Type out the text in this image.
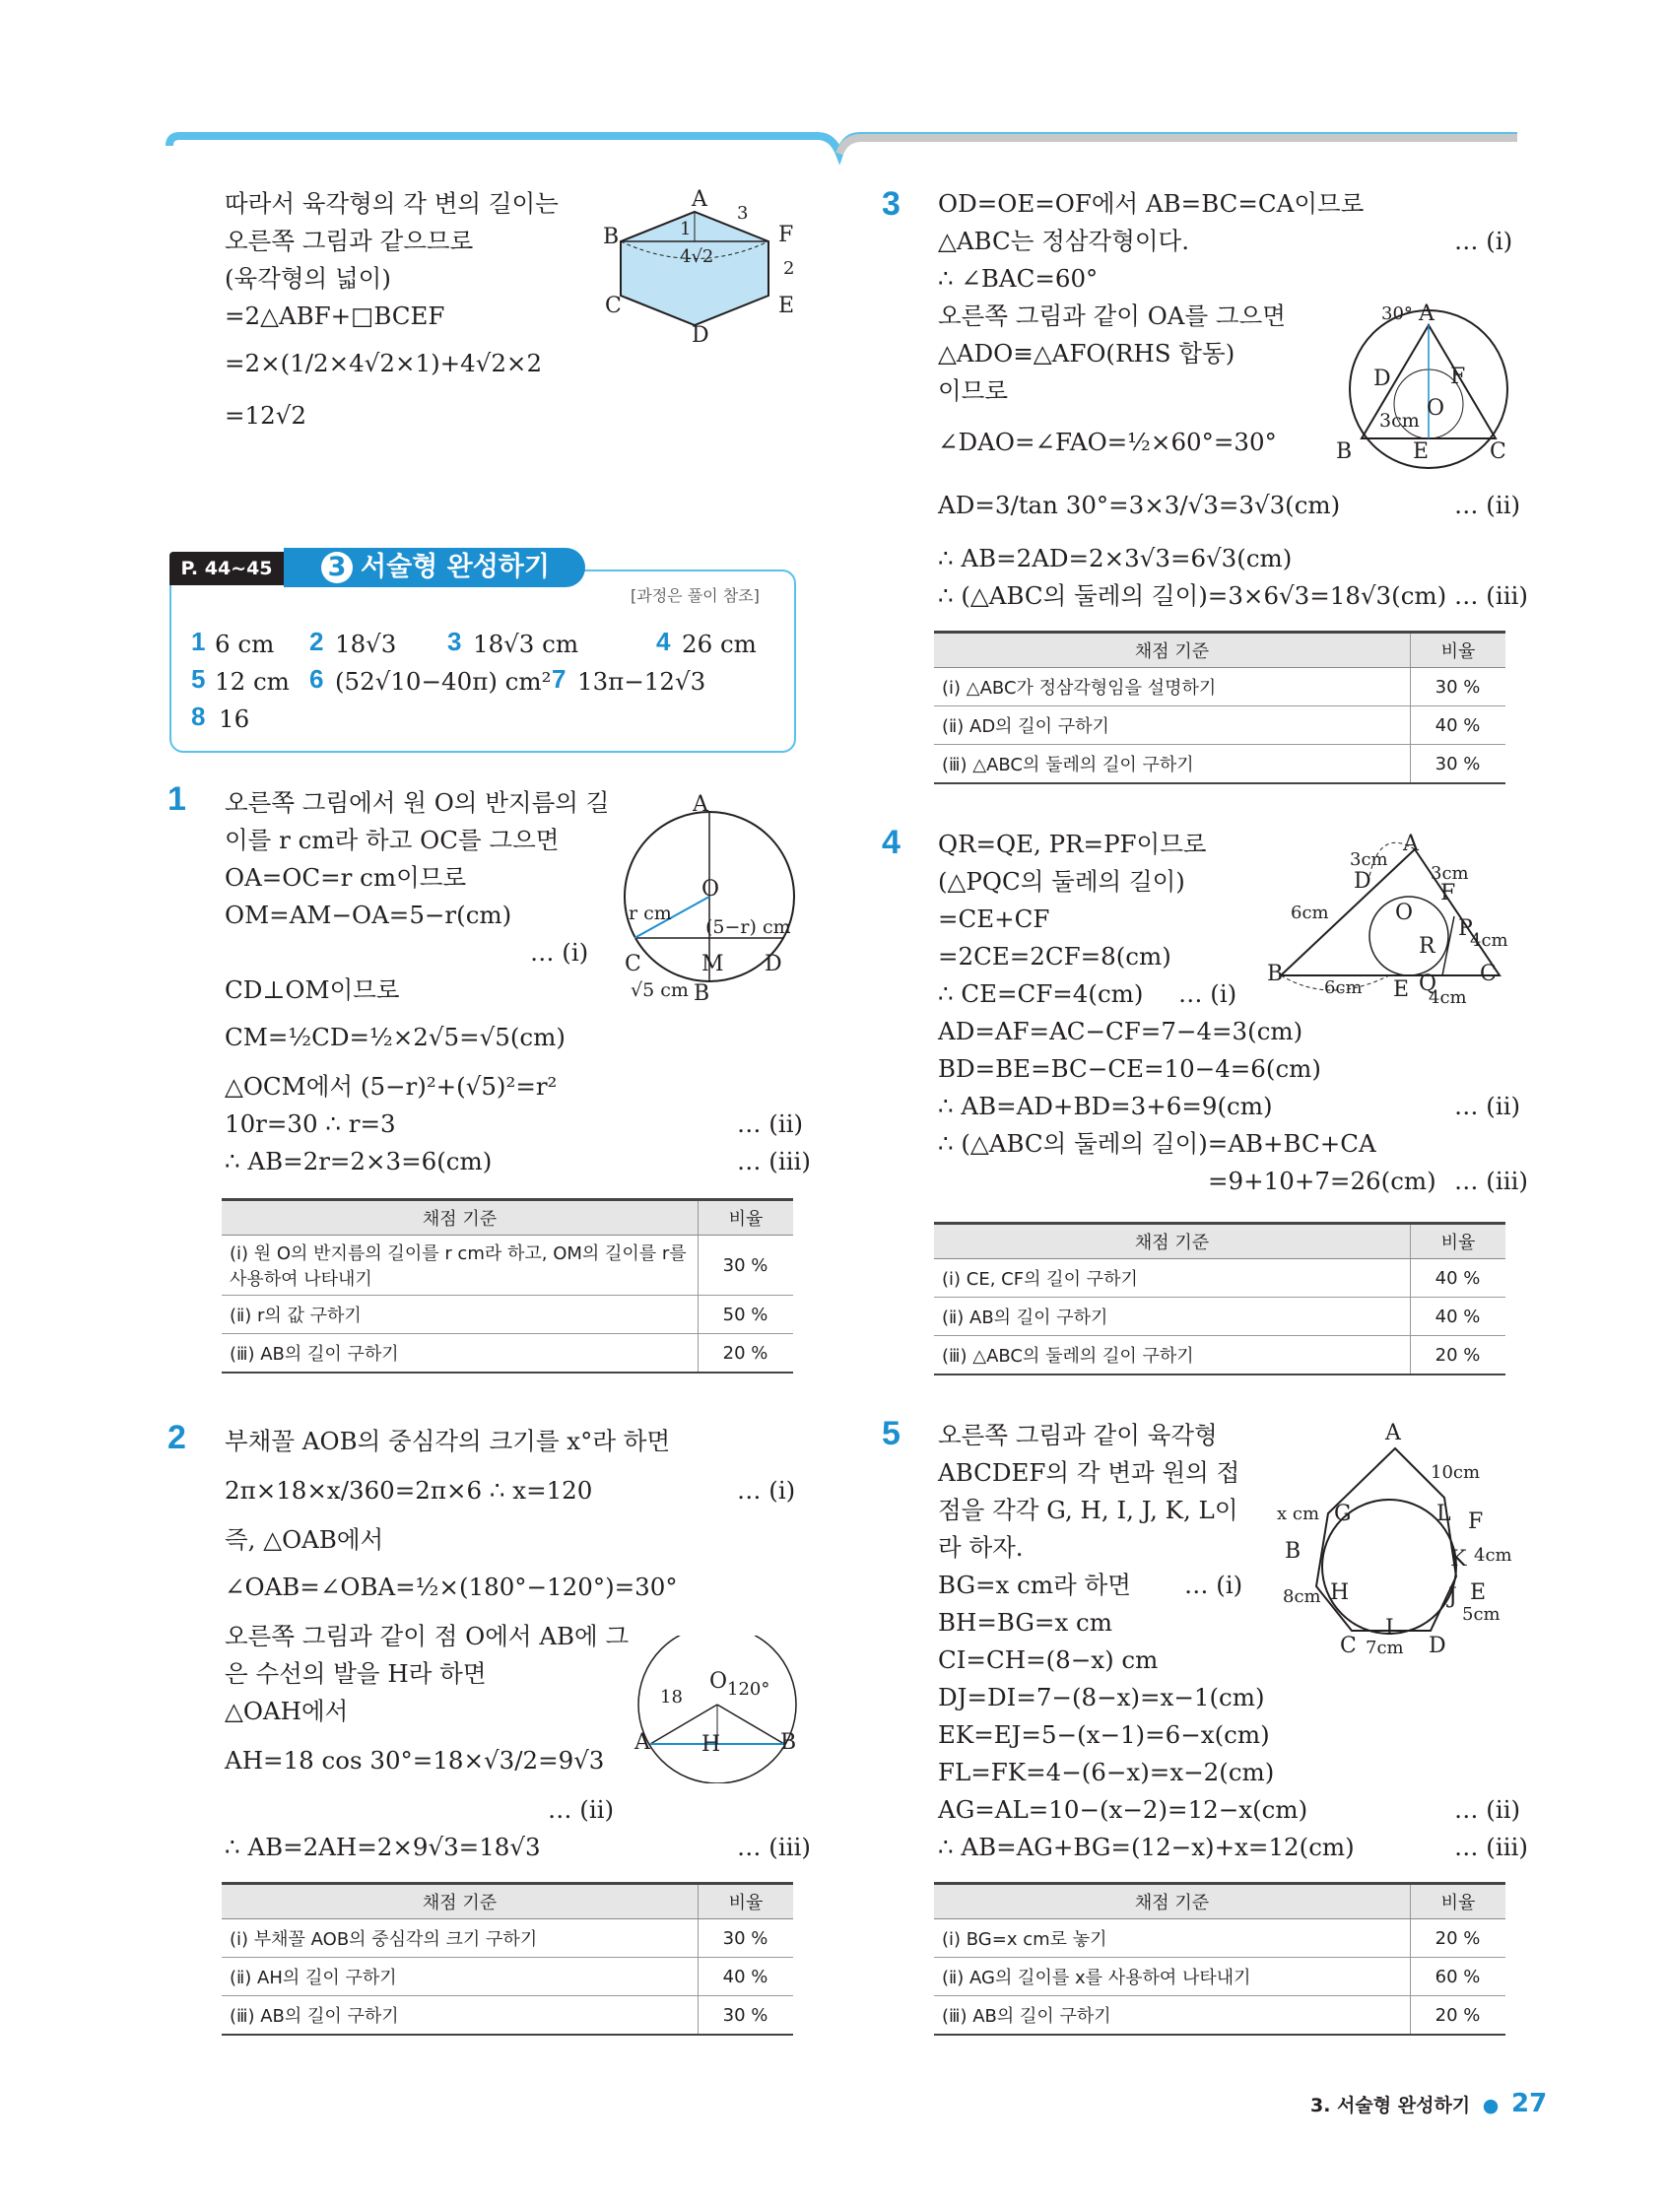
따라서 육각형의 각 변의 길이는
오른쪽 그림과 같으므로
(육각형의 넓이)
=2△ABF+□BCEF
=2×(1/2×4√2×1)+4√2×2
=12√2
A
B
C
D
E
F
1
3
4√2
2
P. 44~45	3 서술형 완성하기
[과정은 풀이 참조]
1 6 cm 2 18√3 3 18√3 cm	4 26 cm
5 12 cm 6 (52√10−40π) cm² 7 13π−12√3
8 16
1 오른쪽 그림에서 원 O의 반지름의 길
이를 r cm라 하고 OC를 그으면
OA=OC=r cm이므로
OM=AM−OA=5−r(cm)
… (ⅰ)
CD⊥OM이므로
CM=½CD=½×2√5=√5(cm)
△OCM에서 (5−r)²+(√5)²=r²
10r=30 ∴ r=3	… (ⅱ)
∴ AB=2r=2×3=6(cm)	… (ⅲ)
A
O
r cm
(5−r) cm
C	M D
√5 cm B
채점 기준	비율
(ⅰ) 원 O의 반지름의 길이를 r cm라 하고, OM의 길이를 r를 사용하여 나타내기	30 %
(ⅱ) r의 값 구하기	50 %
(ⅲ) AB의 길이 구하기	20 %
2 부채꼴 AOB의 중심각의 크기를 x°라 하면
2π×18×x/360=2π×6 ∴ x=120	… (ⅰ)
즉, △OAB에서
∠OAB=∠OBA=½×(180°−120°)=30°
오른쪽 그림과 같이 점 O에서 AB에 그
은 수선의 발을 H라 하면
△OAH에서
AH=18 cos 30°=18×√3/2=9√3
… (ⅱ)
∴ AB=2AH=2×9√3=18√3	… (ⅲ)
O
18	120°
A H	B
채점 기준	비율
(ⅰ) 부채꼴 AOB의 중심각의 크기 구하기	30 %
(ⅱ) AH의 길이 구하기	40 %
(ⅲ) AB의 길이 구하기	30 %
3 OD=OE=OF에서 AB=BC=CA이므로
△ABC는 정삼각형이다.	… (ⅰ)
∴ ∠BAC=60°
오른쪽 그림과 같이 OA를 그으면
△ADO≡△AFO(RHS 합동)
이므로
∠DAO=∠FAO=½×60°=30°
AD=3/tan 30°=3×3/√3=3√3(cm)	… (ⅱ)
∴ AB=2AD=2×3√3=6√3(cm)
∴ (△ABC의 둘레의 길이)=3×6√3=18√3(cm) … (ⅲ)
30° A
D	F
O
3cm
B	E	C
채점 기준	비율
(ⅰ) △ABC가 정삼각형임을 설명하기	30 %
(ⅱ) AD의 길이 구하기	40 %
(ⅲ) △ABC의 둘레의 길이 구하기	30 %
4 QR=QE, PR=PF이므로
(△PQC의 둘레의 길이)
=CE+CF
=2CE=2CF=8(cm)
∴ CE=CF=4(cm) … (ⅰ)
AD=AF=AC−CF=7−4=3(cm)
BD=BE=BC−CE=10−4=6(cm)
∴ AB=AD+BD=3+6=9(cm)	… (ⅱ)
∴ (△ABC의 둘레의 길이)=AB+BC+CA
=9+10+7=26(cm) … (ⅲ)
A
3cm
3cm
D	F
6cm	O
P
R 4cm
B	C
6cm E Q
4cm
채점 기준	비율
(ⅰ) CE, CF의 길이 구하기	40 %
(ⅱ) AB의 길이 구하기	40 %
(ⅲ) △ABC의 둘레의 길이 구하기	20 %
5 오른쪽 그림과 같이 육각형
ABCDEF의 각 변과 원의 접
점을 각각 G, H, I, J, K, L이
라 하자.
BG=x cm라 하면 … (ⅰ)
BH=BG=x cm
CI=CH=(8−x) cm
DJ=DI=7−(8−x)=x−1(cm)
EK=EJ=5−(x−1)=6−x(cm)
FL=FK=4−(6−x)=x−2(cm)
AG=AL=10−(x−2)=12−x(cm)	… (ⅱ)
∴ AB=AG+BG=(12−x)+x=12(cm)	… (ⅲ)
A
10cm
x cm G	L F
B	K 4cm
8cm H	J E
5cm
I
C 7cm D
채점 기준	비율
(ⅰ) BG=x cm로 놓기	20 %
(ⅱ) AG의 길이를 x를 사용하여 나타내기	60 %
(ⅲ) AB의 길이 구하기	20 %
3. 서술형 완성하기 ● 27
